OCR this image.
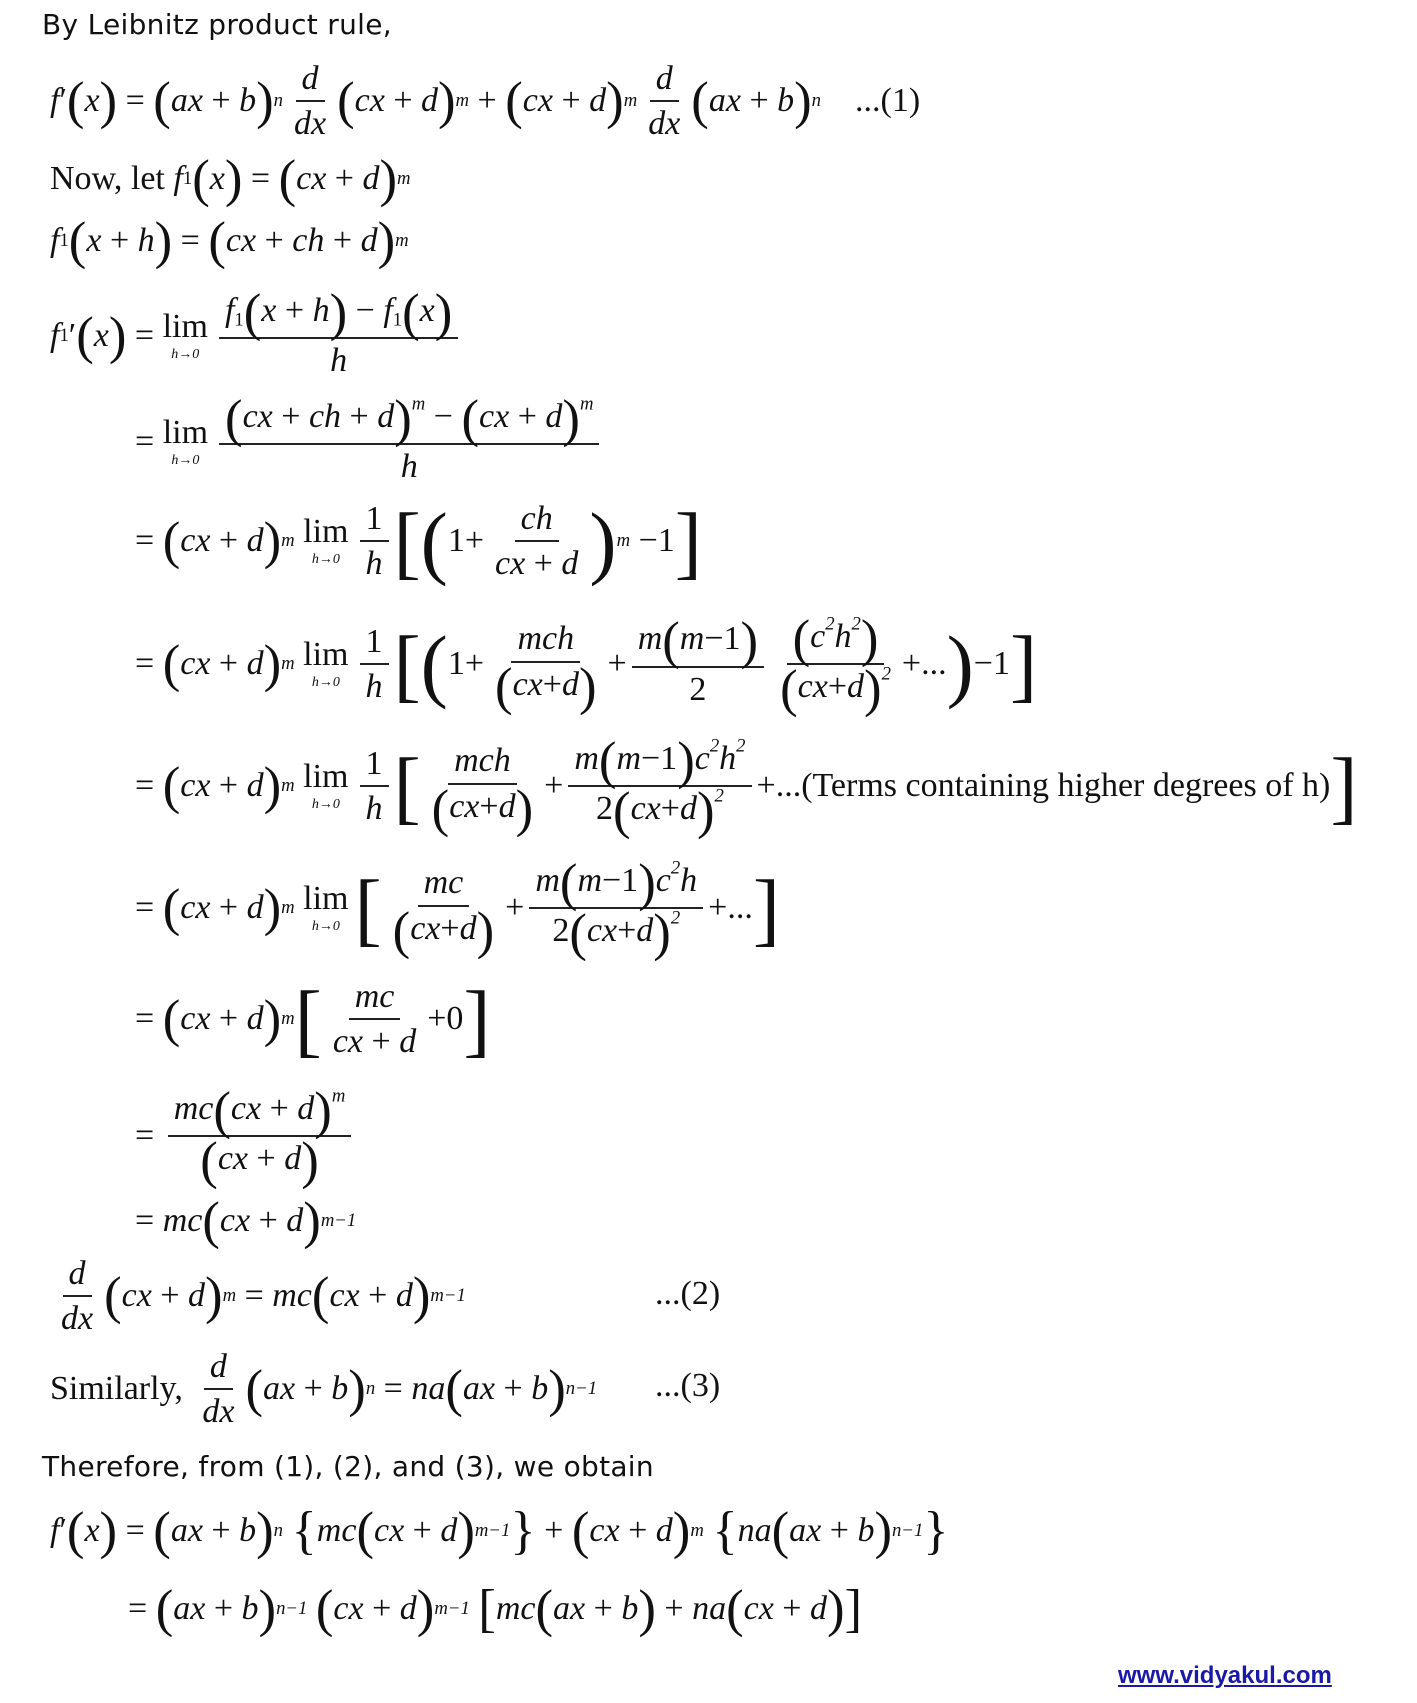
By Leibnitz product rule,
f ′ ( x ) = ( ax + b ) n $\frac{d}{dx}$ ( cx + d ) m + ( cx + d ) m $\frac{d}{dx}$ ( ax + b ) n ...(1)
Now, let
f 1 ( x ) = ( cx + d ) m
f 1 ( x + h ) = ( cx + ch + d ) m
f 1 ′ ( x ) = lim
$h\to 0 \frac{f_1(x + h) - f_1(x)}{h}$
= lim
$h\to 0 \frac{(cx + ch + d)^m - (cx + d)^m}{h}$
= ( cx + d ) m
lim
$h\to 0 \frac{1}{h}$ [ ( $1+ \frac{ch}{cx + d}$ ) m −1 ]
= ( cx + d ) m
lim
$h\to 0 \frac{1}{h}$ [ ( $1+ \frac{\text{mch}}{(cx+d)} + \frac{m(m-1)}{2} \frac{(c^2h^2)}{(cx+d)^2}$ +... ) −1 ]
= ( cx + d ) m
lim
$h\to 0 \frac{1}{h}$ [ $\frac{\text{mch}}{(cx+d)} + \frac{m(m-1)c^2h^2}{2(cx+d)^2}$ +...(Terms containing higher degrees of h) ]
= ( cx + d ) m
lim
h→0 [ $\frac{mc}{(cx+d)} + \frac{m(m-1)c^2h}{2(cx+d)^2}$ +... ]
= ( cx + d ) m [ $\frac{mc}{cx + d} +0$ ]
= $\frac{mc(cx + d)^m}{(cx + d)}$
= mc ( cx + d ) m−1
$\frac{d}{dx}$ ( cx + d ) m = mc ( cx + d ) m−1	...(2)
Similarly,
$\frac{d}{dx}$ ( ax + b ) n = na ( ax + b ) n−1 ...(3)
Therefore, from (1), (2), and (3), we obtain
f ′ ( x ) = ( ax + b ) n
{ mc ( cx + d ) m−1 } + ( cx + d ) m
{ na ( ax + b ) n−1 }
= ( ax + b ) n−1
( cx + d ) m−1
[ mc ( ax + b ) + na ( cx + d ) ]
www.vidyakul.com
